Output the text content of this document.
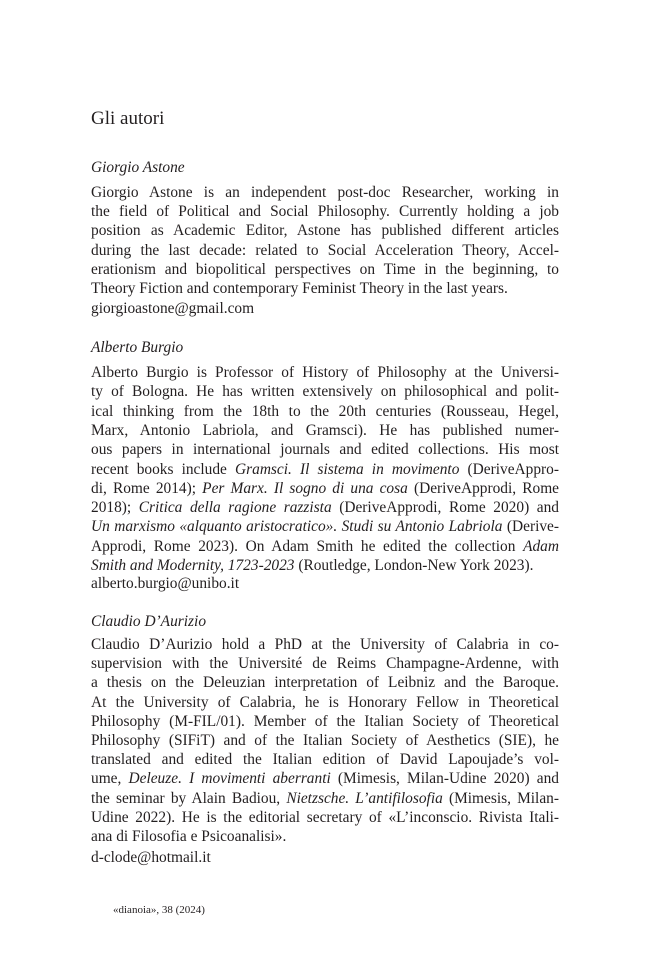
Gli autori
Giorgio Astone
Giorgio Astone is an independent post-doc Researcher, working in
the field of Political and Social Philosophy. Currently holding a job
position as Academic Editor, Astone has published different articles
during the last decade: related to Social Acceleration Theory, Accel-
erationism and biopolitical perspectives on Time in the beginning, to
Theory Fiction and contemporary Feminist Theory in the last years.
giorgioastone@gmail.com
Alberto Burgio
Alberto Burgio is Professor of History of Philosophy at the Universi-
ty of Bologna. He has written extensively on philosophical and polit-
ical thinking from the 18th to the 20th centuries (Rousseau, Hegel,
Marx, Antonio Labriola, and Gramsci). He has published numer-
ous papers in international journals and edited collections. His most
recent books include Gramsci. Il sistema in movimento (DeriveAppro-
di, Rome 2014); Per Marx. Il sogno di una cosa (DeriveApprodi, Rome
2018); Critica della ragione razzista (DeriveApprodi, Rome 2020) and
Un marxismo «alquanto aristocratico». Studi su Antonio Labriola (Derive-
Approdi, Rome 2023). On Adam Smith he edited the collection Adam
Smith and Modernity, 1723-2023 (Routledge, London-New York 2023).
alberto.burgio@unibo.it
Claudio D’Aurizio
Claudio D’Aurizio hold a PhD at the University of Calabria in co-
supervision with the Université de Reims Champagne-Ardenne, with
a thesis on the Deleuzian interpretation of Leibniz and the Baroque.
At the University of Calabria, he is Honorary Fellow in Theoretical
Philosophy (M-FIL/01). Member of the Italian Society of Theoretical
Philosophy (SIFiT) and of the Italian Society of Aesthetics (SIE), he
translated and edited the Italian edition of David Lapoujade’s vol-
ume, Deleuze. I movimenti aberranti (Mimesis, Milan-Udine 2020) and
the seminar by Alain Badiou, Nietzsche. L’antifilosofia (Mimesis, Milan-
Udine 2022). He is the editorial secretary of «L’inconscio. Rivista Itali-
ana di Filosofia e Psicoanalisi».
d-clode@hotmail.it
«dianoia», 38 (2024)
